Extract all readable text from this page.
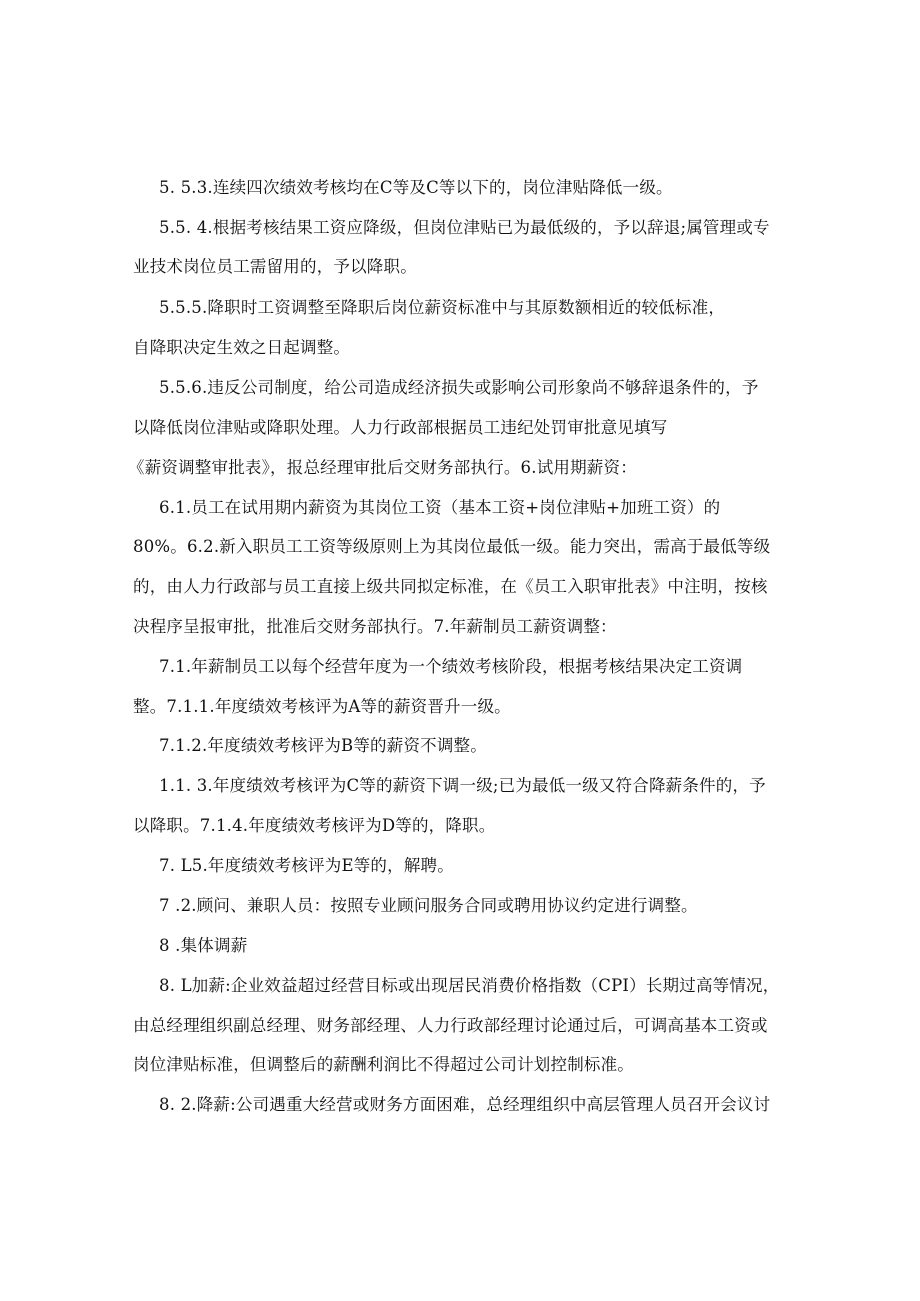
5. 5.3.连续四次绩效考核均在C等及C等以下的，岗位津贴降低一级。
5.5. 4.根据考核结果工资应降级，但岗位津贴已为最低级的，予以辞退;属管理或专
业技术岗位员工需留用的，予以降职。
5.5.5.降职时工资调整至降职后岗位薪资标准中与其原数额相近的较低标准，
自降职决定生效之日起调整。
5.5.6.违反公司制度，给公司造成经济损失或影响公司形象尚不够辞退条件的，予
以降低岗位津贴或降职处理。人力行政部根据员工违纪处罚审批意见填写
《薪资调整审批表》，报总经理审批后交财务部执行。6.试用期薪资：
6.1.员工在试用期内薪资为其岗位工资（基本工资+岗位津贴+加班工资）的
80%。6.2.新入职员工工资等级原则上为其岗位最低一级。能力突出，需高于最低等级
的，由人力行政部与员工直接上级共同拟定标准，在《员工入职审批表》中注明，按核
决程序呈报审批，批准后交财务部执行。7.年薪制员工薪资调整：
7.1.年薪制员工以每个经营年度为一个绩效考核阶段，根据考核结果决定工资调
整。7.1.1.年度绩效考核评为A等的薪资晋升一级。
7.1.2.年度绩效考核评为B等的薪资不调整。
1.1. 3.年度绩效考核评为C等的薪资下调一级;已为最低一级又符合降薪条件的，予
以降职。7.1.4.年度绩效考核评为D等的，降职。
7. L5.年度绩效考核评为E等的，解聘。
7 .2.顾问、兼职人员：按照专业顾问服务合同或聘用协议约定进行调整。
8 .集体调薪
8. L加薪:企业效益超过经营目标或出现居民消费价格指数（CPI）长期过高等情况，
由总经理组织副总经理、财务部经理、人力行政部经理讨论通过后，可调高基本工资或
岗位津贴标准，但调整后的薪酬利润比不得超过公司计划控制标准。
8. 2.降薪:公司遇重大经营或财务方面困难，总经理组织中高层管理人员召开会议讨
